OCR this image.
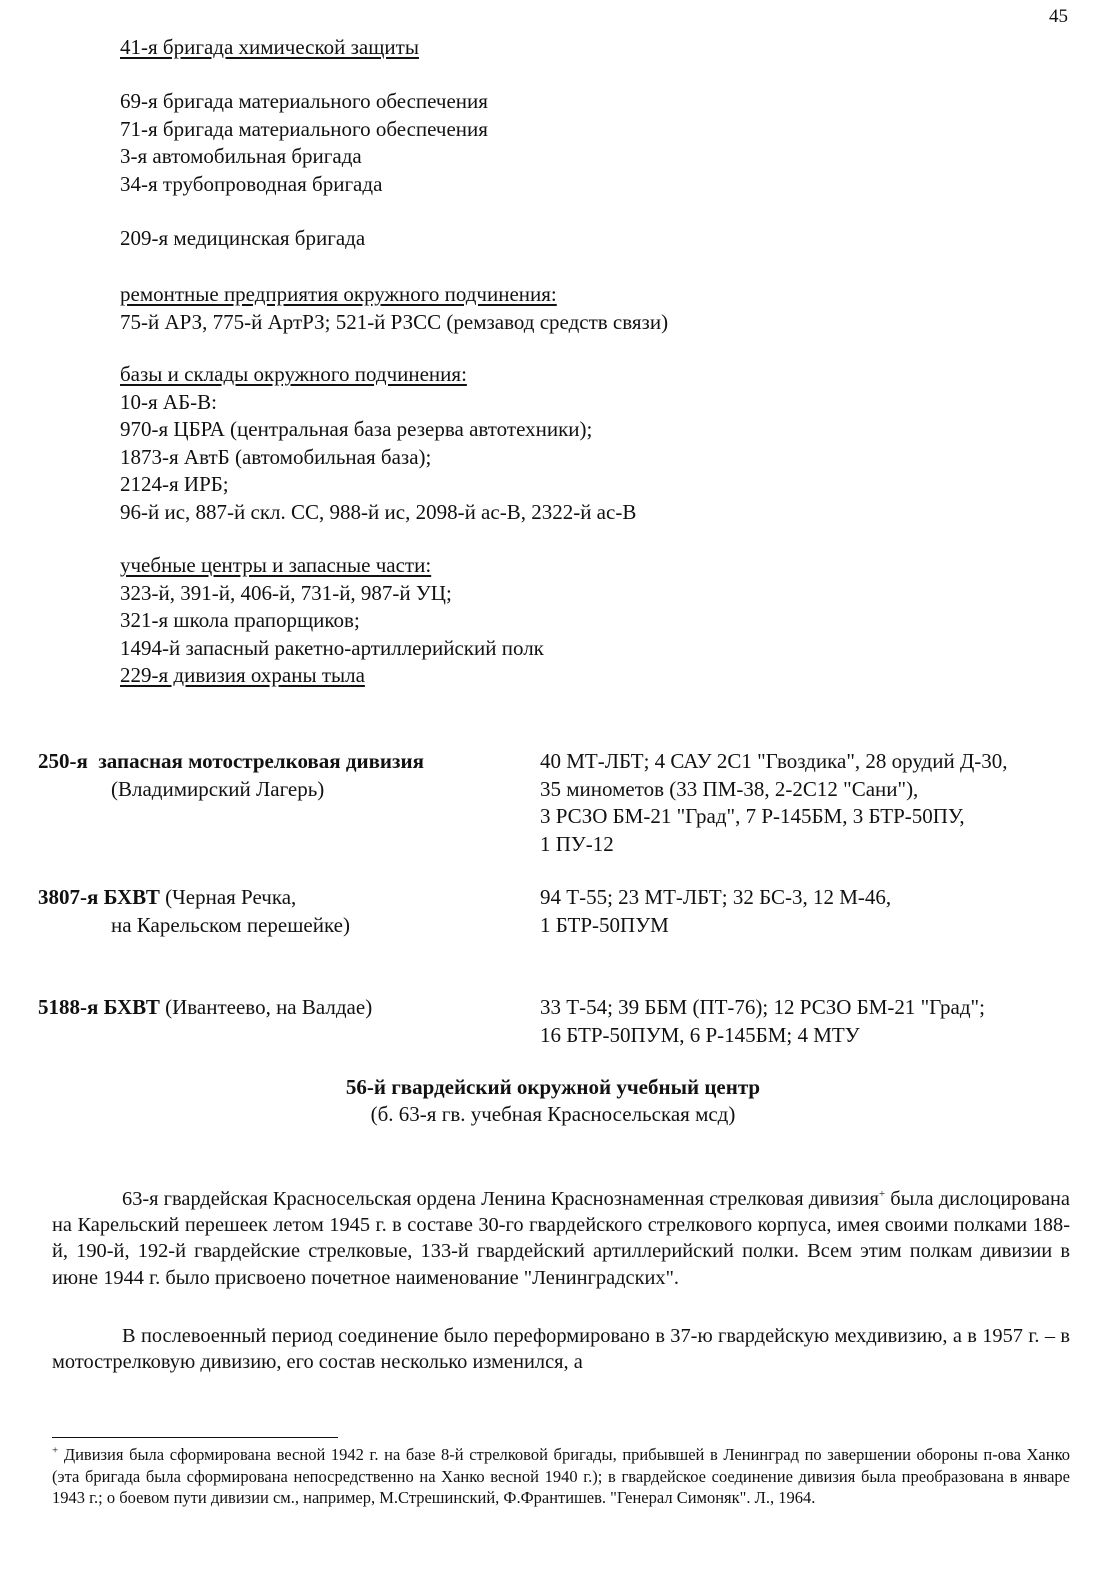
45
41-я бригада химической защиты
69-я бригада материального обеспечения
71-я бригада материального обеспечения
3-я автомобильная бригада
34-я трубопроводная бригада
209-я медицинская бригада
ремонтные предприятия окружного подчинения:
75-й АРЗ, 775-й АртРЗ; 521-й РЗСС (ремзавод средств связи)
базы и склады окружного подчинения:
10-я АБ-В:
970-я ЦБРА (центральная база резерва автотехники);
1873-я АвтБ (автомобильная база);
2124-я ИРБ;
96-й ис, 887-й скл. СС, 988-й ис, 2098-й ас-В, 2322-й ас-В
учебные центры и запасные части:
323-й, 391-й, 406-й, 731-й, 987-й УЦ;
321-я школа прапорщиков;
1494-й запасный ракетно-артиллерийский полк
229-я дивизия охраны тыла
250-я запасная мотострелковая дивизия
(Владимирский Лагерь)
40 МТ-ЛБТ; 4 САУ 2С1 "Гвоздика", 28 орудий Д-30,
35 минометов (33 ПМ-38, 2-2С12 "Сани"),
3 РСЗО БМ-21 "Град", 7 Р-145БМ, 3 БТР-50ПУ,
1 ПУ-12
3807-я БХВТ (Черная Речка,
на Карельском перешейке)
94 Т-55; 23 МТ-ЛБТ; 32 БС-3, 12 М-46,
1 БТР-50ПУМ
5188-я БХВТ (Ивантеево, на Валдае)	33 Т-54; 39 ББМ (ПТ-76); 12 РСЗО БМ-21 "Град";
16 БТР-50ПУМ, 6 Р-145БМ; 4 МТУ
56-й гвардейский окружной учебный центр
(б. 63-я гв. учебная Красносельская мсд)
63-я гвардейская Красносельская ордена Ленина Краснознаменная стрелковая дивизия+ была дислоцирована на Карельский перешеек летом 1945 г. в составе 30-го гвардейского стрелкового корпуса, имея своими полками 188-й, 190-й, 192-й гвардейские стрелковые, 133-й гвардейский артиллерийский полки. Всем этим полкам дивизии в июне 1944 г. было присвоено почетное наименование "Ленинградских".
В послевоенный период соединение было переформировано в 37-ю гвардейскую мехдивизию, а в 1957 г. – в мотострелковую дивизию, его состав несколько изменился, а
+ Дивизия была сформирована весной 1942 г. на базе 8-й стрелковой бригады, прибывшей в Ленинград по завершении обороны п-ова Ханко (эта бригада была сформирована непосредственно на Ханко весной 1940 г.); в гвардейское соединение дивизия была преобразована в январе 1943 г.; о боевом пути дивизии см., например, М.Стрешинский, Ф.Франтишев. "Генерал Симоняк". Л., 1964.
